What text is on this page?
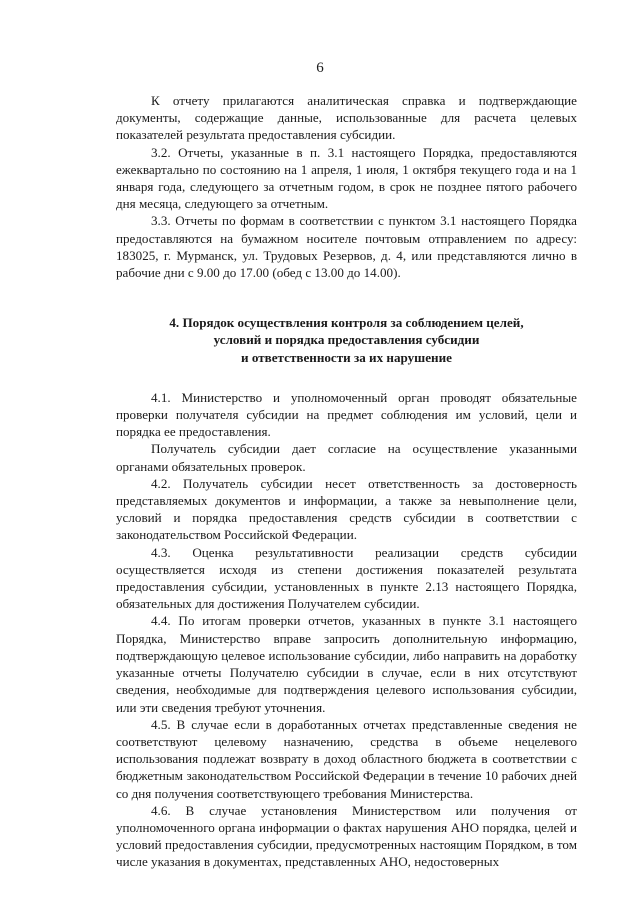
6

К отчету прилагаются аналитическая справка и подтверждающие документы, содержащие данные, использованные для расчета целевых показателей результата предоставления субсидии.

3.2. Отчеты, указанные в п. 3.1 настоящего Порядка, предоставляются ежеквартально по состоянию на 1 апреля, 1 июля, 1 октября текущего года и на 1 января года, следующего за отчетным годом, в срок не позднее пятого рабочего дня месяца, следующего за отчетным.

3.3. Отчеты по формам в соответствии с пунктом 3.1 настоящего Порядка предоставляются на бумажном носителе почтовым отправлением по адресу: 183025, г. Мурманск, ул. Трудовых Резервов, д. 4, или представляются лично в рабочие дни с 9.00 до 17.00 (обед с 13.00 до 14.00).

4. Порядок осуществления контроля за соблюдением целей,
условий и порядка предоставления субсидии
и ответственности за их нарушение

4.1. Министерство и уполномоченный орган проводят обязательные проверки получателя субсидии на предмет соблюдения им условий, цели и порядка ее предоставления.

Получатель субсидии дает согласие на осуществление указанными органами обязательных проверок.

4.2. Получатель субсидии несет ответственность за достоверность представляемых документов и информации, а также за невыполнение цели, условий и порядка предоставления средств субсидии в соответствии с законодательством Российской Федерации.

4.3. Оценка результативности реализации средств субсидии осуществляется исходя из степени достижения показателей результата предоставления субсидии, установленных в пункте 2.13 настоящего Порядка, обязательных для достижения Получателем субсидии.

4.4. По итогам проверки отчетов, указанных в пункте 3.1 настоящего Порядка, Министерство вправе запросить дополнительную информацию, подтверждающую целевое использование субсидии, либо направить на доработку указанные отчеты Получателю субсидии в случае, если в них отсутствуют сведения, необходимые для подтверждения целевого использования субсидии, или эти сведения требуют уточнения.

4.5. В случае если в доработанных отчетах представленные сведения не соответствуют целевому назначению, средства в объеме нецелевого использования подлежат возврату в доход областного бюджета в соответствии с бюджетным законодательством Российской Федерации в течение 10 рабочих дней со дня получения соответствующего требования Министерства.

4.6. В случае установления Министерством или получения от уполномоченного органа информации о фактах нарушения АНО порядка, целей и условий предоставления субсидии, предусмотренных настоящим Порядком, в том числе указания в документах, представленных АНО, недостоверных
